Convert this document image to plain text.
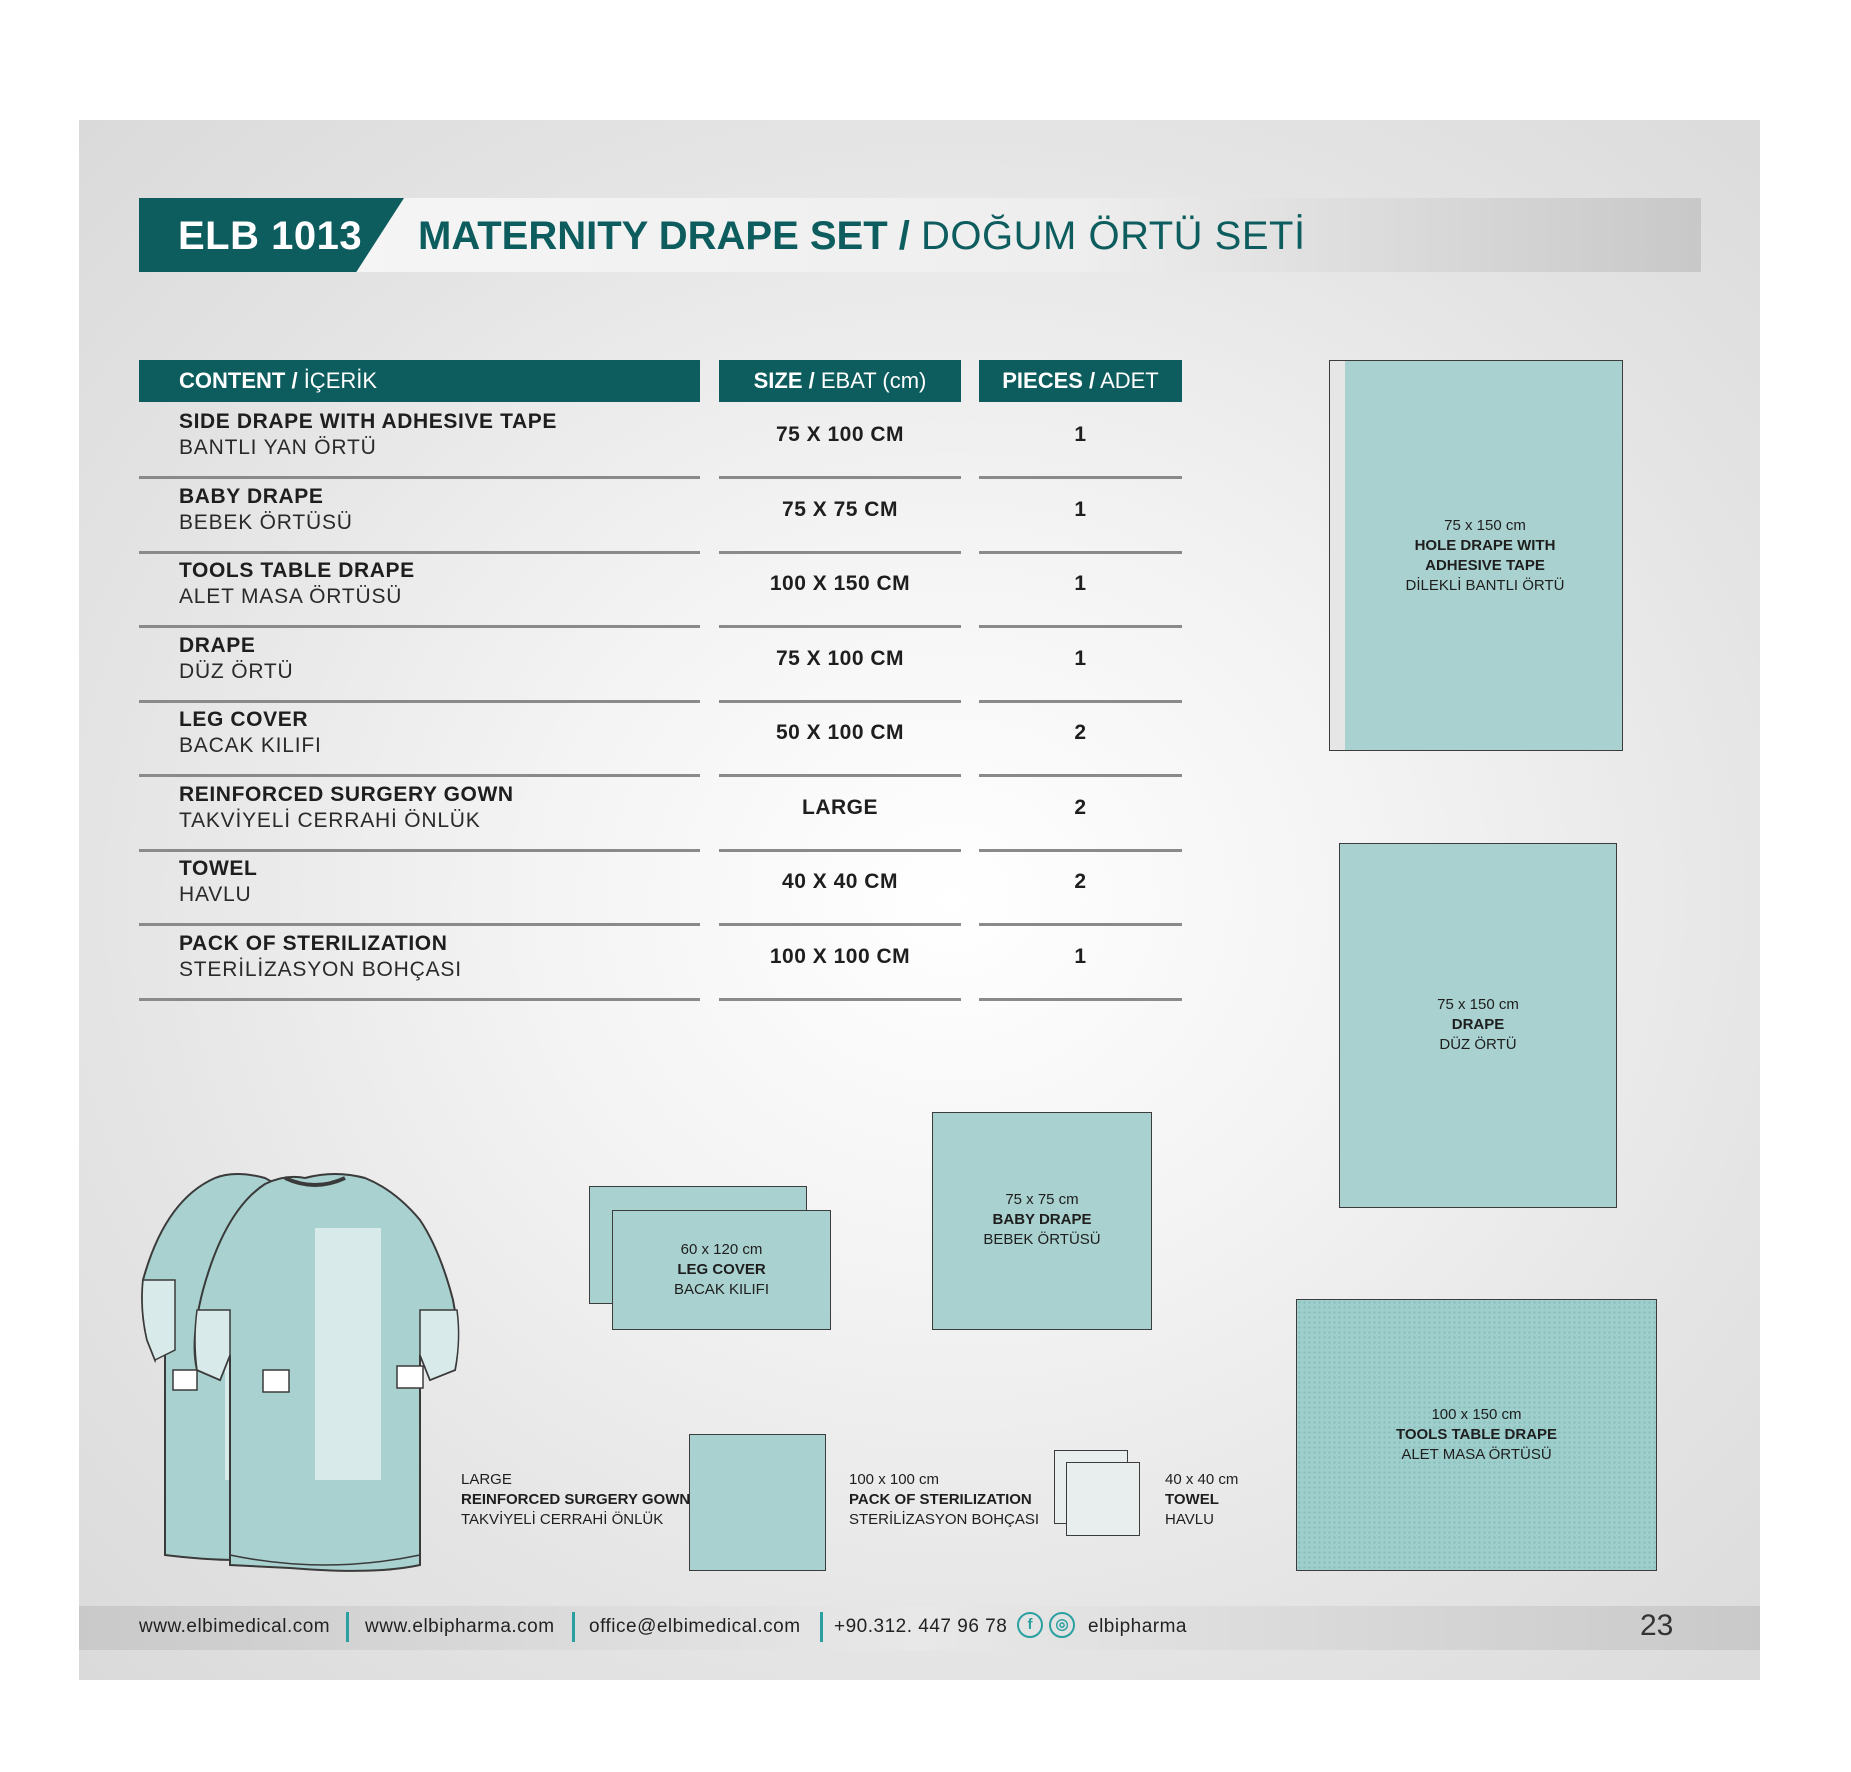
ELB 1013 MATERNITY DRAPE SET / DOĞUM ÖRTÜ SETİ
CONTENT / İÇERİK	SIZE / EBAT (cm)	PIECES / ADET
SIDE DRAPE WITH ADHESIVE TAPE
BANTLI YAN ÖRTÜ
75 X 100 CM	1
BABY DRAPE
BEBEK ÖRTÜSÜ
75 X 75 CM	1
TOOLS TABLE DRAPE
ALET MASA ÖRTÜSÜ
100 X 150 CM	1
DRAPE
DÜZ ÖRTÜ
75 X 100 CM	1
LEG COVER
BACAK KILIFI
50 X 100 CM	2
REINFORCED SURGERY GOWN
TAKVİYELİ CERRAHİ ÖNLÜK
LARGE	2
TOWEL
HAVLU
40 X 40 CM	2
PACK OF STERILIZATION
STERİLİZASYON BOHÇASI
100 X 100 CM	1
75 x 150 cm
HOLE DRAPE WITH
ADHESIVE TAPE
DİLEKLİ BANTLI ÖRTÜ
75 x 150 cm
DRAPE
DÜZ ÖRTÜ
75 x 75 cm
BABY DRAPE
BEBEK ÖRTÜSÜ
60 x 120 cm
LEG COVER
BACAK KILIFI
100 x 150 cm
TOOLS TABLE DRAPE
ALET MASA ÖRTÜSÜ
100 x 100 cm
PACK OF STERILIZATION
STERİLİZASYON BOHÇASI
40 x 40 cm
TOWEL
HAVLU
LARGE
REINFORCED SURGERY GOWN
TAKVİYELİ CERRAHİ ÖNLÜK
www.elbimedical.com www.elbipharma.com office@elbimedical.com +90.312. 447 96 78	f	◎	elbipharma	23
